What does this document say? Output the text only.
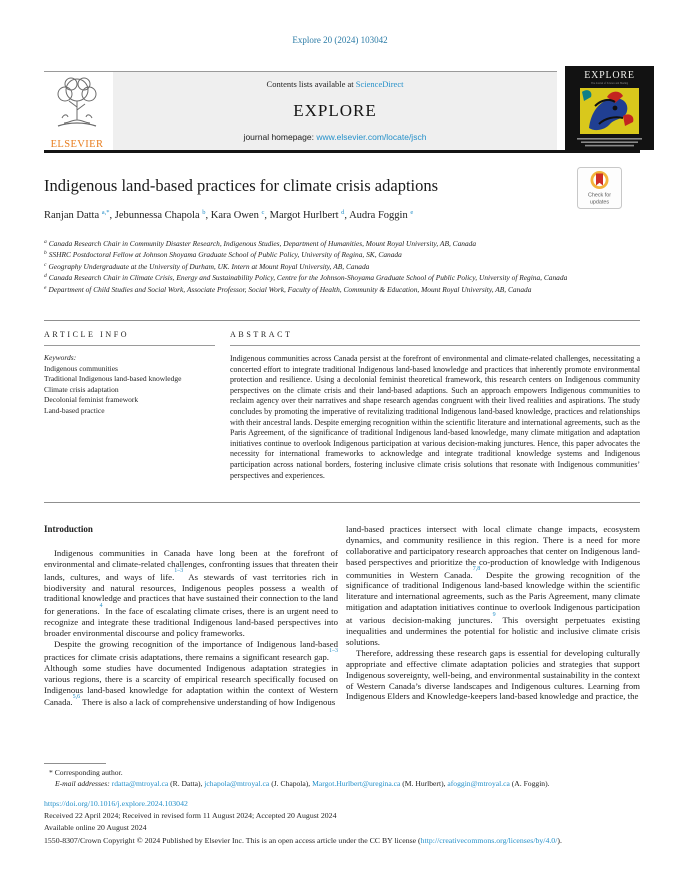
Explore 20 (2024) 103042
ELSEVIER
Contents lists available at ScienceDirect
EXPLORE
journal homepage: www.elsevier.com/locate/jsch
EXPLORE
The Journal of Science and Healing
Indigenous land-based practices for climate crisis adaptions
Check for
updates
Ranjan Datta $^{a,*}$ , Jebunnessa Chapola $^b$ , Kara Owen $^c$ , Margot Hurlbert $^d$ , Audra Foggin $^e$
$^a$ Canada Research Chair in Community Disaster Research, Indigenous Studies, Department of Humanities, Mount Royal University, AB, Canada
$^b$ SSHRC Postdoctoral Fellow at Johnson Shoyama Graduate School of Public Policy, University of Regina, SK, Canada
$^c$ Geography Undergraduate at the University of Durham, UK. Intern at Mount Royal University, AB, Canada
$^d$ Canada Research Chair in Climate Crisis, Energy and Sustainability Policy, Centre for the Johnson-Shoyama Graduate School of Public Policy, University of Regina, Canada
$^e$ Department of Child Studies and Social Work, Associate Professor, Social Work, Faculty of Health, Community & Education, Mount Royal University, AB, Canada
ARTICLE INFO
Keywords:
Indigenous communities
Traditional Indigenous land-based knowledge
Climate crisis adaptation
Decolonial feminist framework
Land-based practice
ABSTRACT
Indigenous communities across Canada persist at the forefront of environmental and climate-related challenges, necessitating a concerted effort to integrate traditional Indigenous land-based knowledge and practices that inherently promote environmental protection and resilience. Using a decolonial feminist theoretical framework, this research centers on Indigenous community perspectives on the climate crisis and their land-based adaptions. Such an approach empowers Indigenous communities to reclaim agency over their narratives and shape research agendas congruent with their lived realities and aspirations. The study concludes by promoting the imperative of revitalizing traditional Indigenous land-based knowledge, practices and relationships with their ancestral lands. Despite emerging recognition within the scientific literature and international agreements, such as the Paris Agreement, of the significance of traditional Indigenous land-based knowledge, many climate mitigation and adaptation initiatives continue to overlook Indigenous participation at various decision-making junctures. Hence, this paper advocates the necessity for international frameworks to acknowledge and integrate traditional knowledge systems and Indigenous participation across national borders, fostering inclusive climate crisis solutions that resonate with Indigenous communities’ perspectives and experiences.
Introduction

Indigenous communities in Canada have long been at the forefront of environmental and climate-related challenges, confronting issues that threaten their lands, cultures, and ways of life.$^{1-3}$ As stewards of vast territories rich in biodiversity and natural resources, Indigenous peoples possess a wealth of traditional knowledge and practices that have sustained their connection to the land for generations.$^4$ In the face of escalating climate crises, there is an urgent need to recognize and integrate these traditional Indigenous land-based perspectives into broader environmental discourse and policy frameworks.

Despite the growing recognition of the importance of Indigenous land-based practices for climate crisis adaptations, there remains a significant research gap.$^{1-3}$ Although some studies have documented Indigenous adaptation strategies in various regions, there is a scarcity of empirical research specifically focused on Indigenous land-based knowledge for adaptation within the context of Western Canada.$^{5,6}$ There is also a lack of comprehensive understanding of how Indigenous

land-based practices intersect with local climate change impacts, ecosystem dynamics, and community resilience in this region. There is a need for more collaborative and participatory research approaches that center on Indigenous land-based perspectives and prioritize the co-production of knowledge with Indigenous communities in Western Canada.$^{7,8}$ Despite the growing recognition of the significance of traditional Indigenous land-based knowledge within the scientific literature and international agreements, such as the Paris Agreement, many climate mitigation and adaptation initiatives continue to overlook Indigenous participation at various decision-making junctures.$^9$ This oversight perpetuates existing inequalities and undermines the potential for holistic and inclusive climate crisis solutions.

Therefore, addressing these research gaps is essential for developing culturally appropriate and effective climate adaptation policies and strategies that support Indigenous sovereignty, well-being, and environmental sustainability in the context of Western Canada’s diverse landscapes and Indigenous cultures. Learning from Indigenous Elders and Knowledge-keepers land-based knowledge and practice, the

* Corresponding author.
E-mail addresses: rdatta@mtroyal.ca (R. Datta), jchapola@mtroyal.ca (J. Chapola), Margot.Hurlbert@uregina.ca (M. Hurlbert), afoggin@mtroyal.ca (A. Foggin).
https://doi.org/10.1016/j.explore.2024.103042
Received 22 April 2024; Received in revised form 11 August 2024; Accepted 20 August 2024
Available online 20 August 2024
1550-8307/Crown Copyright © 2024 Published by Elsevier Inc. This is an open access article under the CC BY license (http://creativecommons.org/licenses/by/4.0/).
